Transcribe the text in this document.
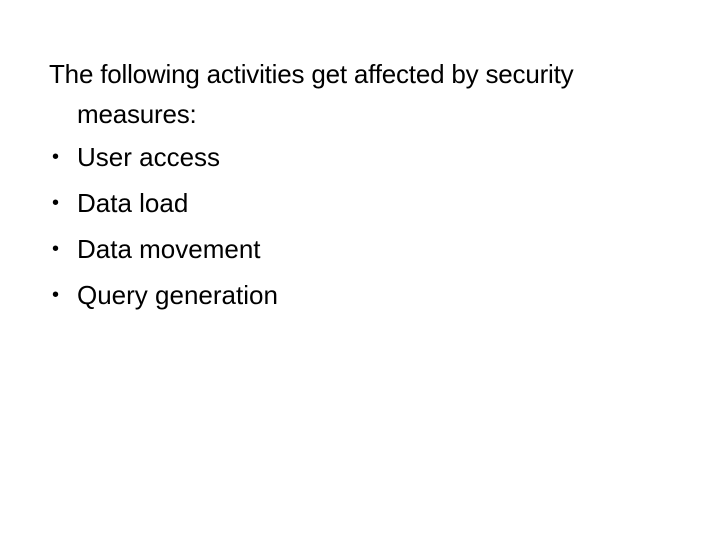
The following activities get affected by security measures:

• User access
• Data load
• Data movement
• Query generation
